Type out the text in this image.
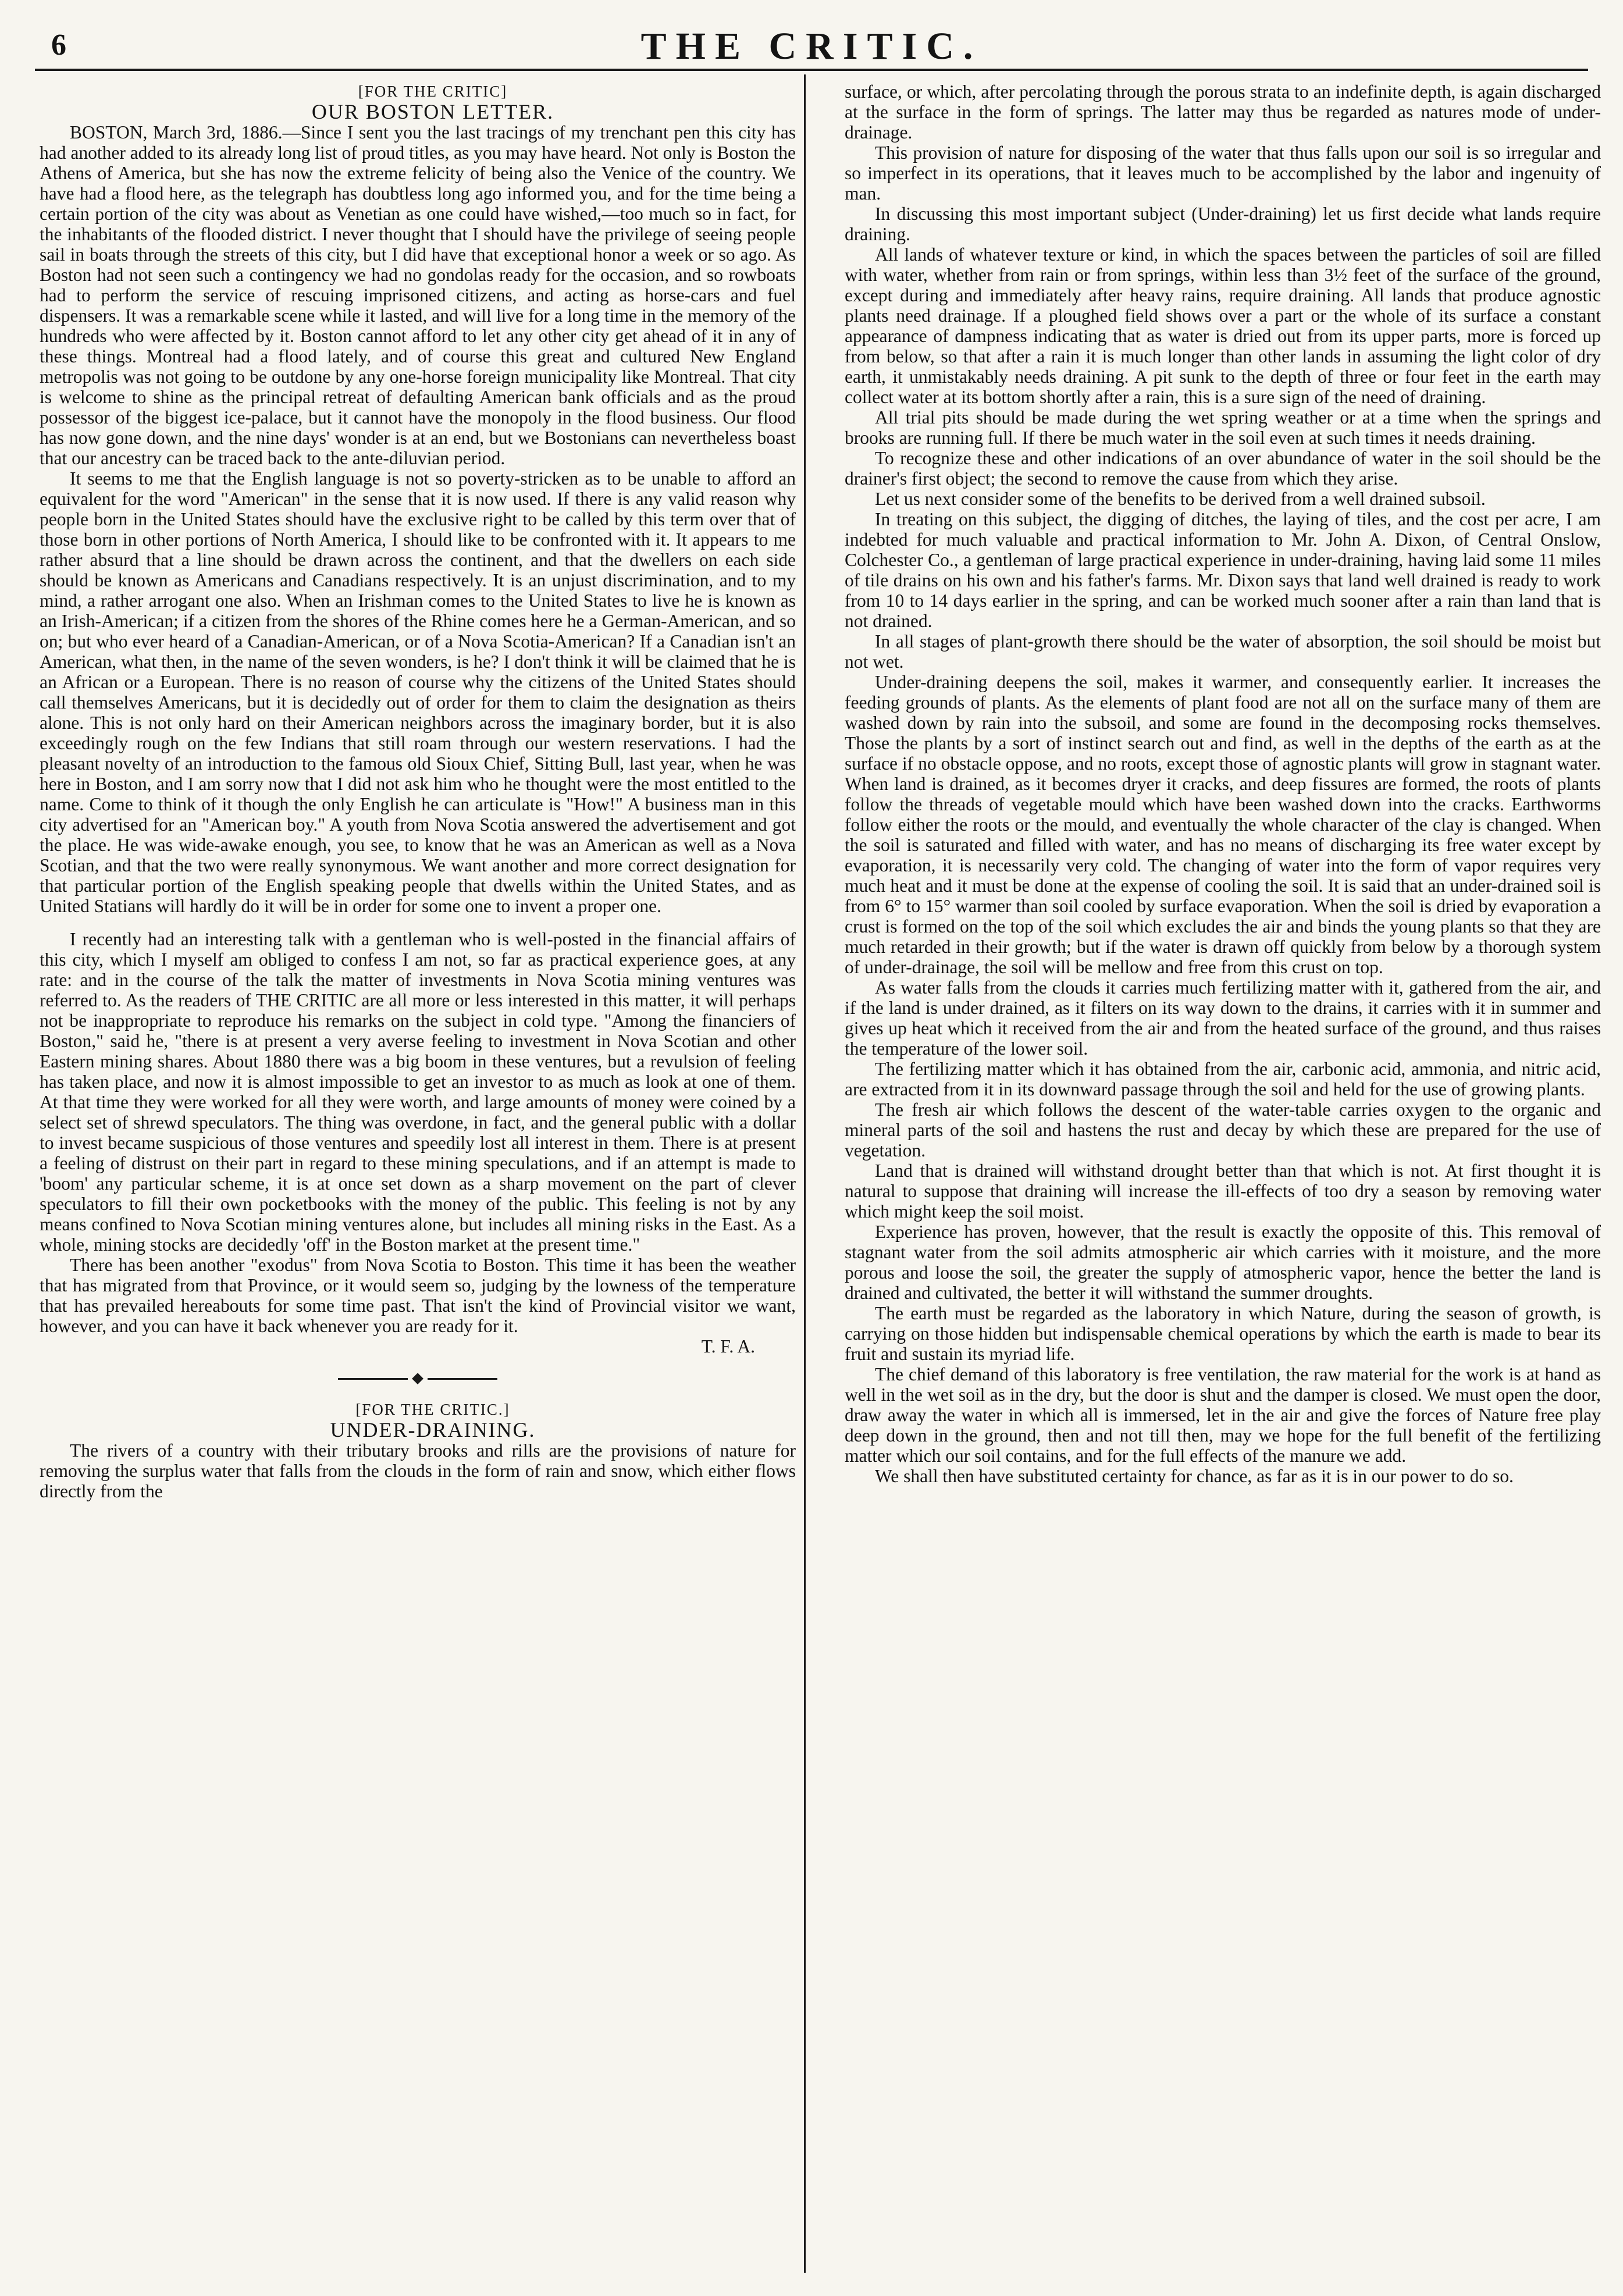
6	THE CRITIC.

[FOR THE CRITIC]

OUR BOSTON LETTER.

BOSTON, March 3rd, 1886.—Since I sent you the last tracings of my trenchant pen this city has had another added to its already long list of proud titles, as you may have heard. Not only is Boston the Athens of America, but she has now the extreme felicity of being also the Venice of the country. We have had a flood here, as the telegraph has doubtless long ago informed you, and for the time being a certain portion of the city was about as Venetian as one could have wished,—too much so in fact, for the inhabitants of the flooded district. I never thought that I should have the privilege of seeing people sail in boats through the streets of this city, but I did have that exceptional honor a week or so ago. As Boston had not seen such a contingency we had no gondolas ready for the occasion, and so rowboats had to perform the service of rescuing imprisoned citizens, and acting as horse-cars and fuel dispensers. It was a remarkable scene while it lasted, and will live for a long time in the memory of the hundreds who were affected by it. Boston cannot afford to let any other city get ahead of it in any of these things. Montreal had a flood lately, and of course this great and cultured New England metropolis was not going to be outdone by any one-horse foreign municipality like Montreal. That city is welcome to shine as the principal retreat of defaulting American bank officials and as the proud possessor of the biggest ice-palace, but it cannot have the monopoly in the flood business. Our flood has now gone down, and the nine days' wonder is at an end, but we Bostonians can nevertheless boast that our ancestry can be traced back to the ante-diluvian period.

It seems to me that the English language is not so poverty-stricken as to be unable to afford an equivalent for the word "American" in the sense that it is now used. If there is any valid reason why people born in the United States should have the exclusive right to be called by this term over that of those born in other portions of North America, I should like to be confronted with it. It appears to me rather absurd that a line should be drawn across the continent, and that the dwellers on each side should be known as Americans and Canadians respectively. It is an unjust discrimination, and to my mind, a rather arrogant one also. When an Irishman comes to the United States to live he is known as an Irish-American; if a citizen from the shores of the Rhine comes here he a German-American, and so on; but who ever heard of a Canadian-American, or of a Nova Scotia-American? If a Canadian isn't an American, what then, in the name of the seven wonders, is he? I don't think it will be claimed that he is an African or a European. There is no reason of course why the citizens of the United States should call themselves Americans, but it is decidedly out of order for them to claim the designation as theirs alone. This is not only hard on their American neighbors across the imaginary border, but it is also exceedingly rough on the few Indians that still roam through our western reservations. I had the pleasant novelty of an introduction to the famous old Sioux Chief, Sitting Bull, last year, when he was here in Boston, and I am sorry now that I did not ask him who he thought were the most entitled to the name. Come to think of it though the only English he can articulate is "How!" A business man in this city advertised for an "American boy." A youth from Nova Scotia answered the advertisement and got the place. He was wide-awake enough, you see, to know that he was an American as well as a Nova Scotian, and that the two were really synonymous. We want another and more correct designation for that particular portion of the English speaking people that dwells within the United States, and as United Statians will hardly do it will be in order for some one to invent a proper one.

I recently had an interesting talk with a gentleman who is well-posted in the financial affairs of this city, which I myself am obliged to confess I am not, so far as practical experience goes, at any rate: and in the course of the talk the matter of investments in Nova Scotia mining ventures was referred to. As the readers of THE CRITIC are all more or less interested in this matter, it will perhaps not be inappropriate to reproduce his remarks on the subject in cold type. "Among the financiers of Boston," said he, "there is at present a very averse feeling to investment in Nova Scotian and other Eastern mining shares. About 1880 there was a big boom in these ventures, but a revulsion of feeling has taken place, and now it is almost impossible to get an investor to as much as look at one of them. At that time they were worked for all they were worth, and large amounts of money were coined by a select set of shrewd speculators. The thing was overdone, in fact, and the general public with a dollar to invest became suspicious of those ventures and speedily lost all interest in them. There is at present a feeling of distrust on their part in regard to these mining speculations, and if an attempt is made to 'boom' any particular scheme, it is at once set down as a sharp movement on the part of clever speculators to fill their own pocketbooks with the money of the public. This feeling is not by any means confined to Nova Scotian mining ventures alone, but includes all mining risks in the East. As a whole, mining stocks are decidedly 'off' in the Boston market at the present time."

There has been another "exodus" from Nova Scotia to Boston. This time it has been the weather that has migrated from that Province, or it would seem so, judging by the lowness of the temperature that has prevailed hereabouts for some time past. That isn't the kind of Provincial visitor we want, however, and you can have it back whenever you are ready for it.

T. F. A.

[FOR THE CRITIC.]

UNDER-DRAINING.

The rivers of a country with their tributary brooks and rills are the provisions of nature for removing the surplus water that falls from the clouds in the form of rain and snow, which either flows directly from the

surface, or which, after percolating through the porous strata to an indefinite depth, is again discharged at the surface in the form of springs. The latter may thus be regarded as natures mode of under-drainage.

This provision of nature for disposing of the water that thus falls upon our soil is so irregular and so imperfect in its operations, that it leaves much to be accomplished by the labor and ingenuity of man.

In discussing this most important subject (Under-draining) let us first decide what lands require draining.

All lands of whatever texture or kind, in which the spaces between the particles of soil are filled with water, whether from rain or from springs, within less than 3½ feet of the surface of the ground, except during and immediately after heavy rains, require draining. All lands that produce agnostic plants need drainage. If a ploughed field shows over a part or the whole of its surface a constant appearance of dampness indicating that as water is dried out from its upper parts, more is forced up from below, so that after a rain it is much longer than other lands in assuming the light color of dry earth, it unmistakably needs draining. A pit sunk to the depth of three or four feet in the earth may collect water at its bottom shortly after a rain, this is a sure sign of the need of draining.

All trial pits should be made during the wet spring weather or at a time when the springs and brooks are running full. If there be much water in the soil even at such times it needs draining.

To recognize these and other indications of an over abundance of water in the soil should be the drainer's first object; the second to remove the cause from which they arise.

Let us next consider some of the benefits to be derived from a well drained subsoil.

In treating on this subject, the digging of ditches, the laying of tiles, and the cost per acre, I am indebted for much valuable and practical information to Mr. John A. Dixon, of Central Onslow, Colchester Co., a gentleman of large practical experience in under-draining, having laid some 11 miles of tile drains on his own and his father's farms. Mr. Dixon says that land well drained is ready to work from 10 to 14 days earlier in the spring, and can be worked much sooner after a rain than land that is not drained.

In all stages of plant-growth there should be the water of absorption, the soil should be moist but not wet.

Under-draining deepens the soil, makes it warmer, and consequently earlier. It increases the feeding grounds of plants. As the elements of plant food are not all on the surface many of them are washed down by rain into the subsoil, and some are found in the decomposing rocks themselves. Those the plants by a sort of instinct search out and find, as well in the depths of the earth as at the surface if no obstacle oppose, and no roots, except those of agnostic plants will grow in stagnant water. When land is drained, as it becomes dryer it cracks, and deep fissures are formed, the roots of plants follow the threads of vegetable mould which have been washed down into the cracks. Earthworms follow either the roots or the mould, and eventually the whole character of the clay is changed. When the soil is saturated and filled with water, and has no means of discharging its free water except by evaporation, it is necessarily very cold. The changing of water into the form of vapor requires very much heat and it must be done at the expense of cooling the soil. It is said that an under-drained soil is from 6° to 15° warmer than soil cooled by surface evaporation. When the soil is dried by evaporation a crust is formed on the top of the soil which excludes the air and binds the young plants so that they are much retarded in their growth; but if the water is drawn off quickly from below by a thorough system of under-drainage, the soil will be mellow and free from this crust on top.

As water falls from the clouds it carries much fertilizing matter with it, gathered from the air, and if the land is under drained, as it filters on its way down to the drains, it carries with it in summer and gives up heat which it received from the air and from the heated surface of the ground, and thus raises the temperature of the lower soil.

The fertilizing matter which it has obtained from the air, carbonic acid, ammonia, and nitric acid, are extracted from it in its downward passage through the soil and held for the use of growing plants.

The fresh air which follows the descent of the water-table carries oxygen to the organic and mineral parts of the soil and hastens the rust and decay by which these are prepared for the use of vegetation.

Land that is drained will withstand drought better than that which is not. At first thought it is natural to suppose that draining will increase the ill-effects of too dry a season by removing water which might keep the soil moist.

Experience has proven, however, that the result is exactly the opposite of this. This removal of stagnant water from the soil admits atmospheric air which carries with it moisture, and the more porous and loose the soil, the greater the supply of atmospheric vapor, hence the better the land is drained and cultivated, the better it will withstand the summer droughts.

The earth must be regarded as the laboratory in which Nature, during the season of growth, is carrying on those hidden but indispensable chemical operations by which the earth is made to bear its fruit and sustain its myriad life.

The chief demand of this laboratory is free ventilation, the raw material for the work is at hand as well in the wet soil as in the dry, but the door is shut and the damper is closed. We must open the door, draw away the water in which all is immersed, let in the air and give the forces of Nature free play deep down in the ground, then and not till then, may we hope for the full benefit of the fertilizing matter which our soil contains, and for the full effects of the manure we add.

We shall then have substituted certainty for chance, as far as it is in our power to do so.
